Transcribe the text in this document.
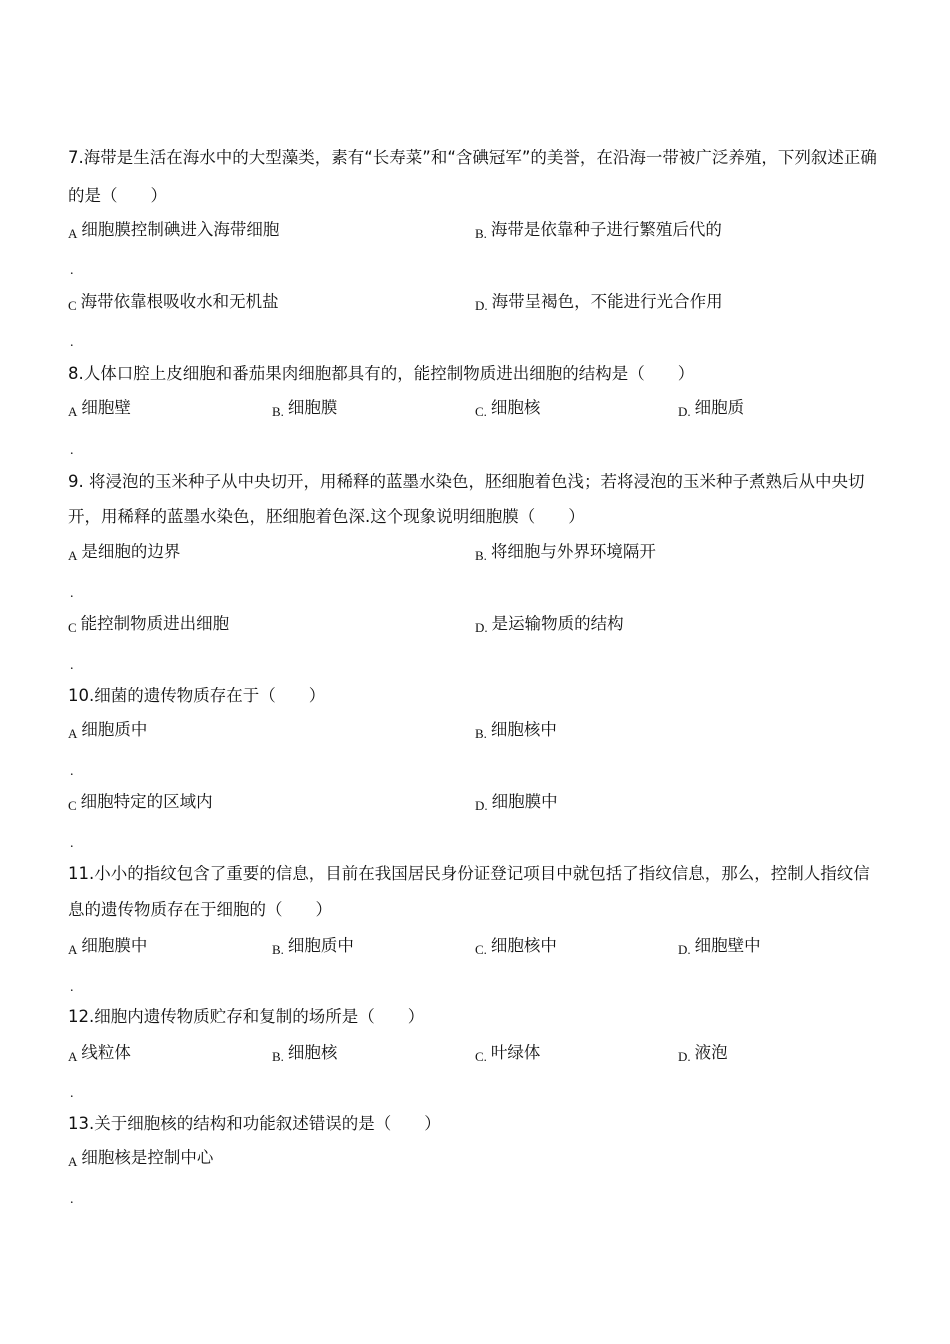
7.海带是生活在海水中的大型藻类，素有“长寿菜”和“含碘冠军”的美誉，在沿海一带被广泛养殖，下列叙述正确
的是（　　）
A 细胞膜控制碘进入海带细胞	B. 海带是依靠种子进行繁殖后代的
.
C 海带依靠根吸收水和无机盐	D. 海带呈褐色，不能进行光合作用
.
8.人体口腔上皮细胞和番茄果肉细胞都具有的，能控制物质进出细胞的结构是（　　）
A 细胞壁	B. 细胞膜	C. 细胞核	D. 细胞质
.
9. 将浸泡的玉米种子从中央切开，用稀释的蓝墨水染色，胚细胞着色浅；若将浸泡的玉米种子煮熟后从中央切
开，用稀释的蓝墨水染色，胚细胞着色深.这个现象说明细胞膜（　　）
A 是细胞的边界	B. 将细胞与外界环境隔开
.
C 能控制物质进出细胞	D. 是运输物质的结构
.
10.细菌的遗传物质存在于（　　）
A 细胞质中	B. 细胞核中
.
C 细胞特定的区域内	D. 细胞膜中
.
11.小小的指纹包含了重要的信息，目前在我国居民身份证登记项目中就包括了指纹信息，那么，控制人指纹信
息的遗传物质存在于细胞的（　　）
A 细胞膜中	B. 细胞质中	C. 细胞核中	D. 细胞壁中
.
12.细胞内遗传物质贮存和复制的场所是（　　）
A 线粒体	B. 细胞核	C. 叶绿体	D. 液泡
.
13.关于细胞核的结构和功能叙述错误的是（　　）
A 细胞核是控制中心
.
